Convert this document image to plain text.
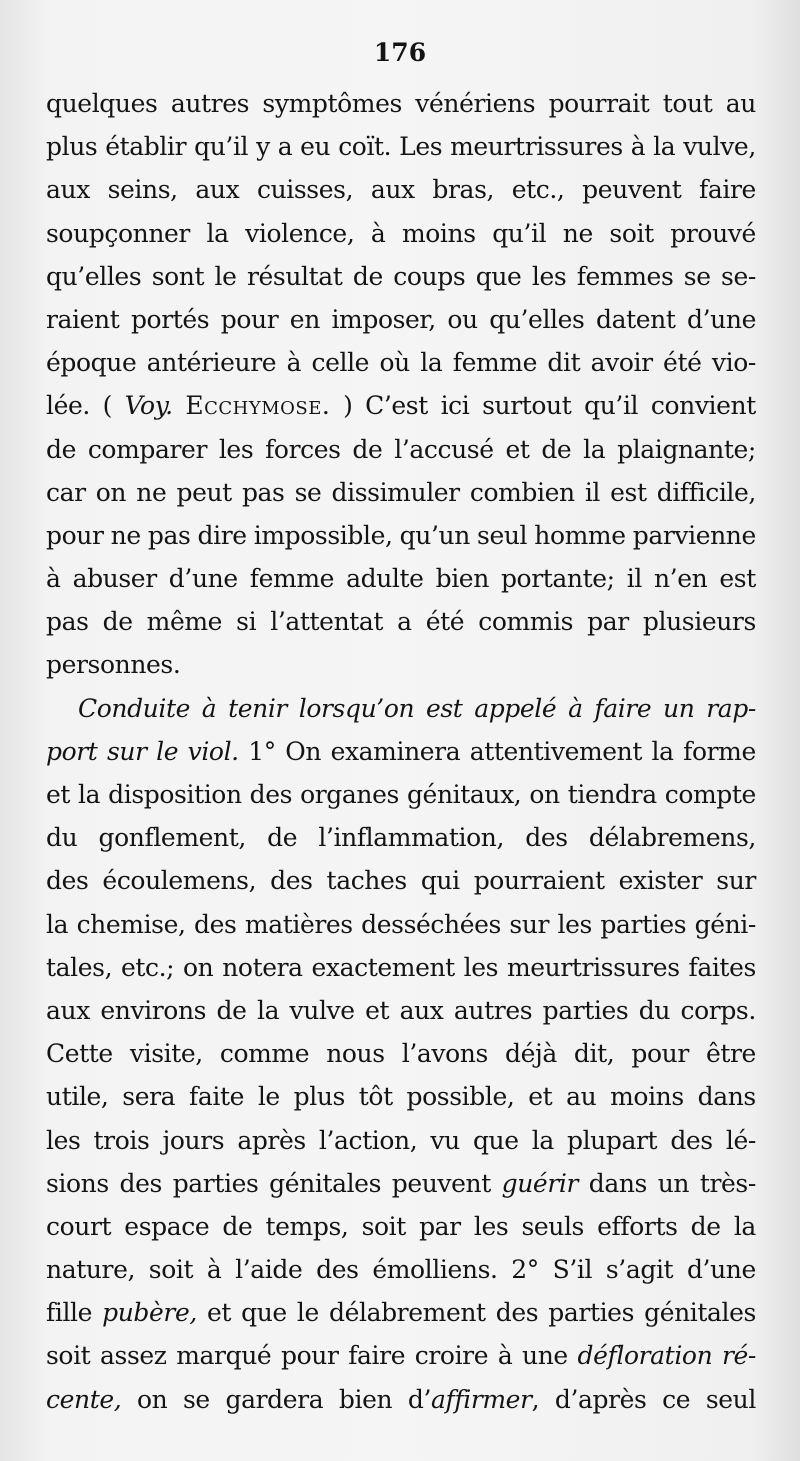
176
quelques autres symptômes vénériens pourrait tout au
plus établir qu’il y a eu coït. Les meurtrissures à la vulve,
aux seins, aux cuisses, aux bras, etc., peuvent faire
soupçonner la violence, à moins qu’il ne soit prouvé
qu’elles sont le résultat de coups que les femmes se se-
raient portés pour en imposer, ou qu’elles datent d’une
époque antérieure à celle où la femme dit avoir été vio-
lée. ( Voy. Ecchymose. ) C’est ici surtout qu’il convient
de comparer les forces de l’accusé et de la plaignante;
car on ne peut pas se dissimuler combien il est difficile,
pour ne pas dire impossible, qu’un seul homme parvienne
à abuser d’une femme adulte bien portante; il n’en est
pas de même si l’attentat a été commis par plusieurs
personnes.
Conduite à tenir lorsqu’on est appelé à faire un rap-
port sur le viol. 1° On examinera attentivement la forme
et la disposition des organes génitaux, on tiendra compte
du gonflement, de l’inflammation, des délabremens,
des écoulemens, des taches qui pourraient exister sur
la chemise, des matières desséchées sur les parties géni-
tales, etc.; on notera exactement les meurtrissures faites
aux environs de la vulve et aux autres parties du corps.
Cette visite, comme nous l’avons déjà dit, pour être
utile, sera faite le plus tôt possible, et au moins dans
les trois jours après l’action, vu que la plupart des lé-
sions des parties génitales peuvent guérir dans un très-
court espace de temps, soit par les seuls efforts de la
nature, soit à l’aide des émolliens. 2° S’il s’agit d’une
fille pubère, et que le délabrement des parties génitales
soit assez marqué pour faire croire à une défloration ré-
cente, on se gardera bien d’affirmer, d’après ce seul
